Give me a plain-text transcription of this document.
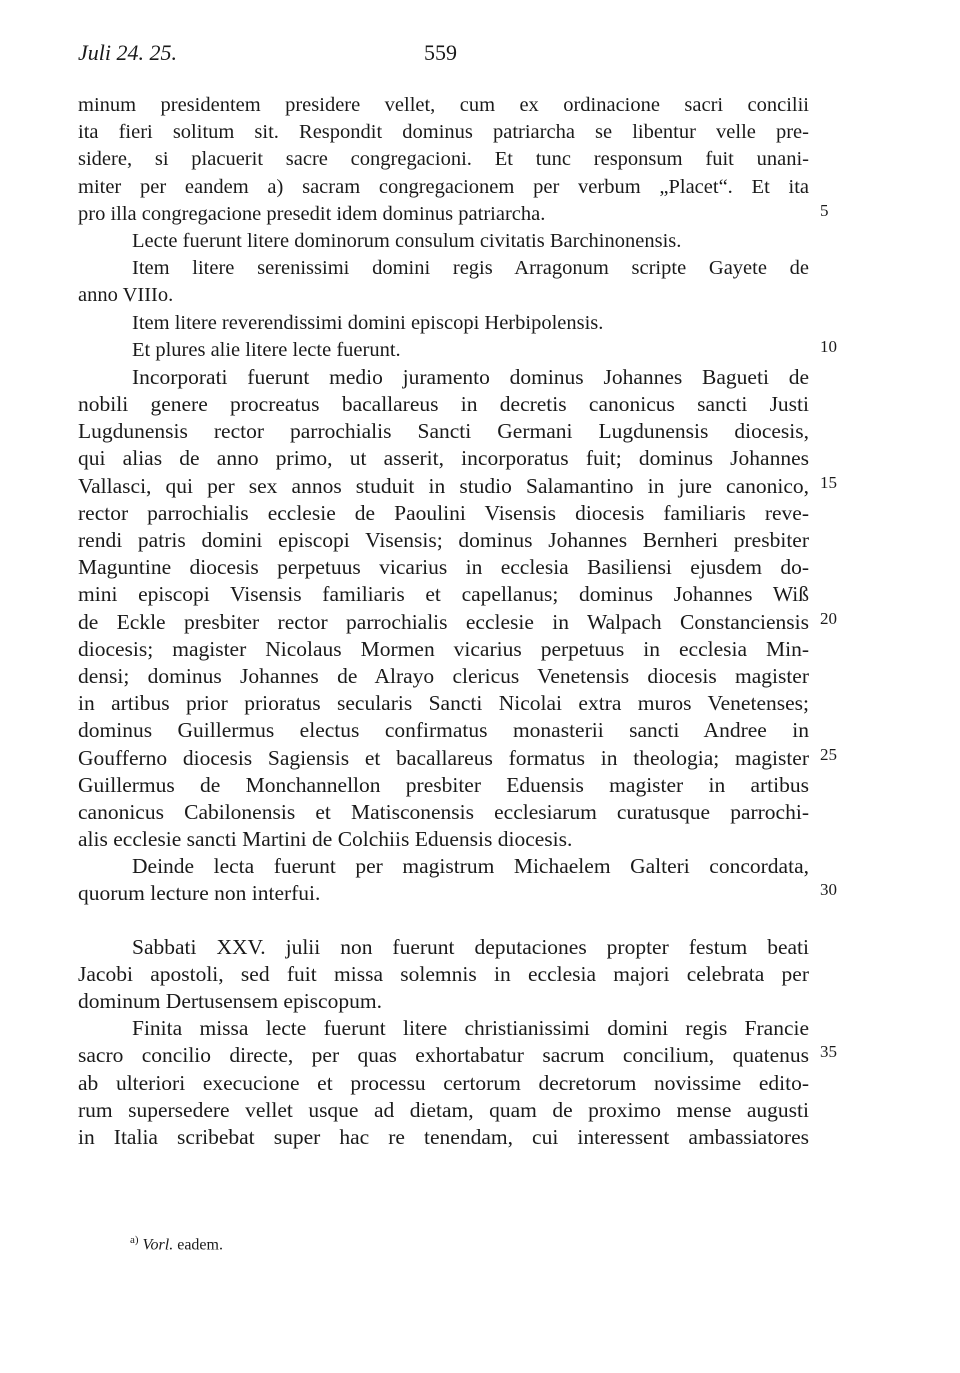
Juli 24. 25.	559
minum presidentem presidere vellet, cum ex ordinacione sacri concilii
ita fieri solitum sit. Respondit dominus patriarcha se libentur velle pre-
sidere, si placuerit sacre congregacioni. Et tunc responsum fuit unani-
miter per eandem a) sacram congregacionem per verbum „Placet“. Et ita
pro illa congregacione presedit idem dominus patriarcha.	5
Lecte fuerunt litere dominorum consulum civitatis Barchinonensis.
Item litere serenissimi domini regis Arragonum scripte Gayete de
anno VIIIo.
Item litere reverendissimi domini episcopi Herbipolensis.
Et plures alie litere lecte fuerunt.	10
Incorporati fuerunt medio juramento dominus Johannes Bagueti de
nobili genere procreatus bacallareus in decretis canonicus sancti Justi
Lugdunensis rector parrochialis Sancti Germani Lugdunensis diocesis,
qui alias de anno primo, ut asserit, incorporatus fuit; dominus Johannes
Vallasci, qui per sex annos studuit in studio Salamantino in jure canonico, 15
rector parrochialis ecclesie de Paoulini Visensis diocesis familiaris reve-
rendi patris domini episcopi Visensis; dominus Johannes Bernheri presbiter
Maguntine diocesis perpetuus vicarius in ecclesia Basiliensi ejusdem do-
mini episcopi Visensis familiaris et capellanus; dominus Johannes Wiß
de Eckle presbiter rector parrochialis ecclesie in Walpach Constanciensis 20
diocesis; magister Nicolaus Mormen vicarius perpetuus in ecclesia Min-
densi; dominus Johannes de Alrayo clericus Venetensis diocesis magister
in artibus prior prioratus secularis Sancti Nicolai extra muros Venetenses;
dominus Guillermus electus confirmatus monasterii sancti Andree in
Goufferno diocesis Sagiensis et bacallareus formatus in theologia; magister 25
Guillermus de Monchannellon presbiter Eduensis magister in artibus
canonicus Cabilonensis et Matisconensis ecclesiarum curatusque parrochi-
alis ecclesie sancti Martini de Colchiis Eduensis diocesis.
Deinde lecta fuerunt per magistrum Michaelem Galteri concordata,
quorum lecture non interfui.	30
Sabbati XXV. julii non fuerunt deputaciones propter festum beati
Jacobi apostoli, sed fuit missa solemnis in ecclesia majori celebrata per
dominum Dertusensem episcopum.
Finita missa lecte fuerunt litere christianissimi domini regis Francie
sacro concilio directe, per quas exhortabatur sacrum concilium, quatenus 35
ab ulteriori execucione et processu certorum decretorum novissime edito-
rum supersedere vellet usque ad dietam, quam de proximo mense augusti
in Italia scribebat super hac re tenendam, cui interessent ambassiatores
$^{a)}$ Vorl. eadem.
